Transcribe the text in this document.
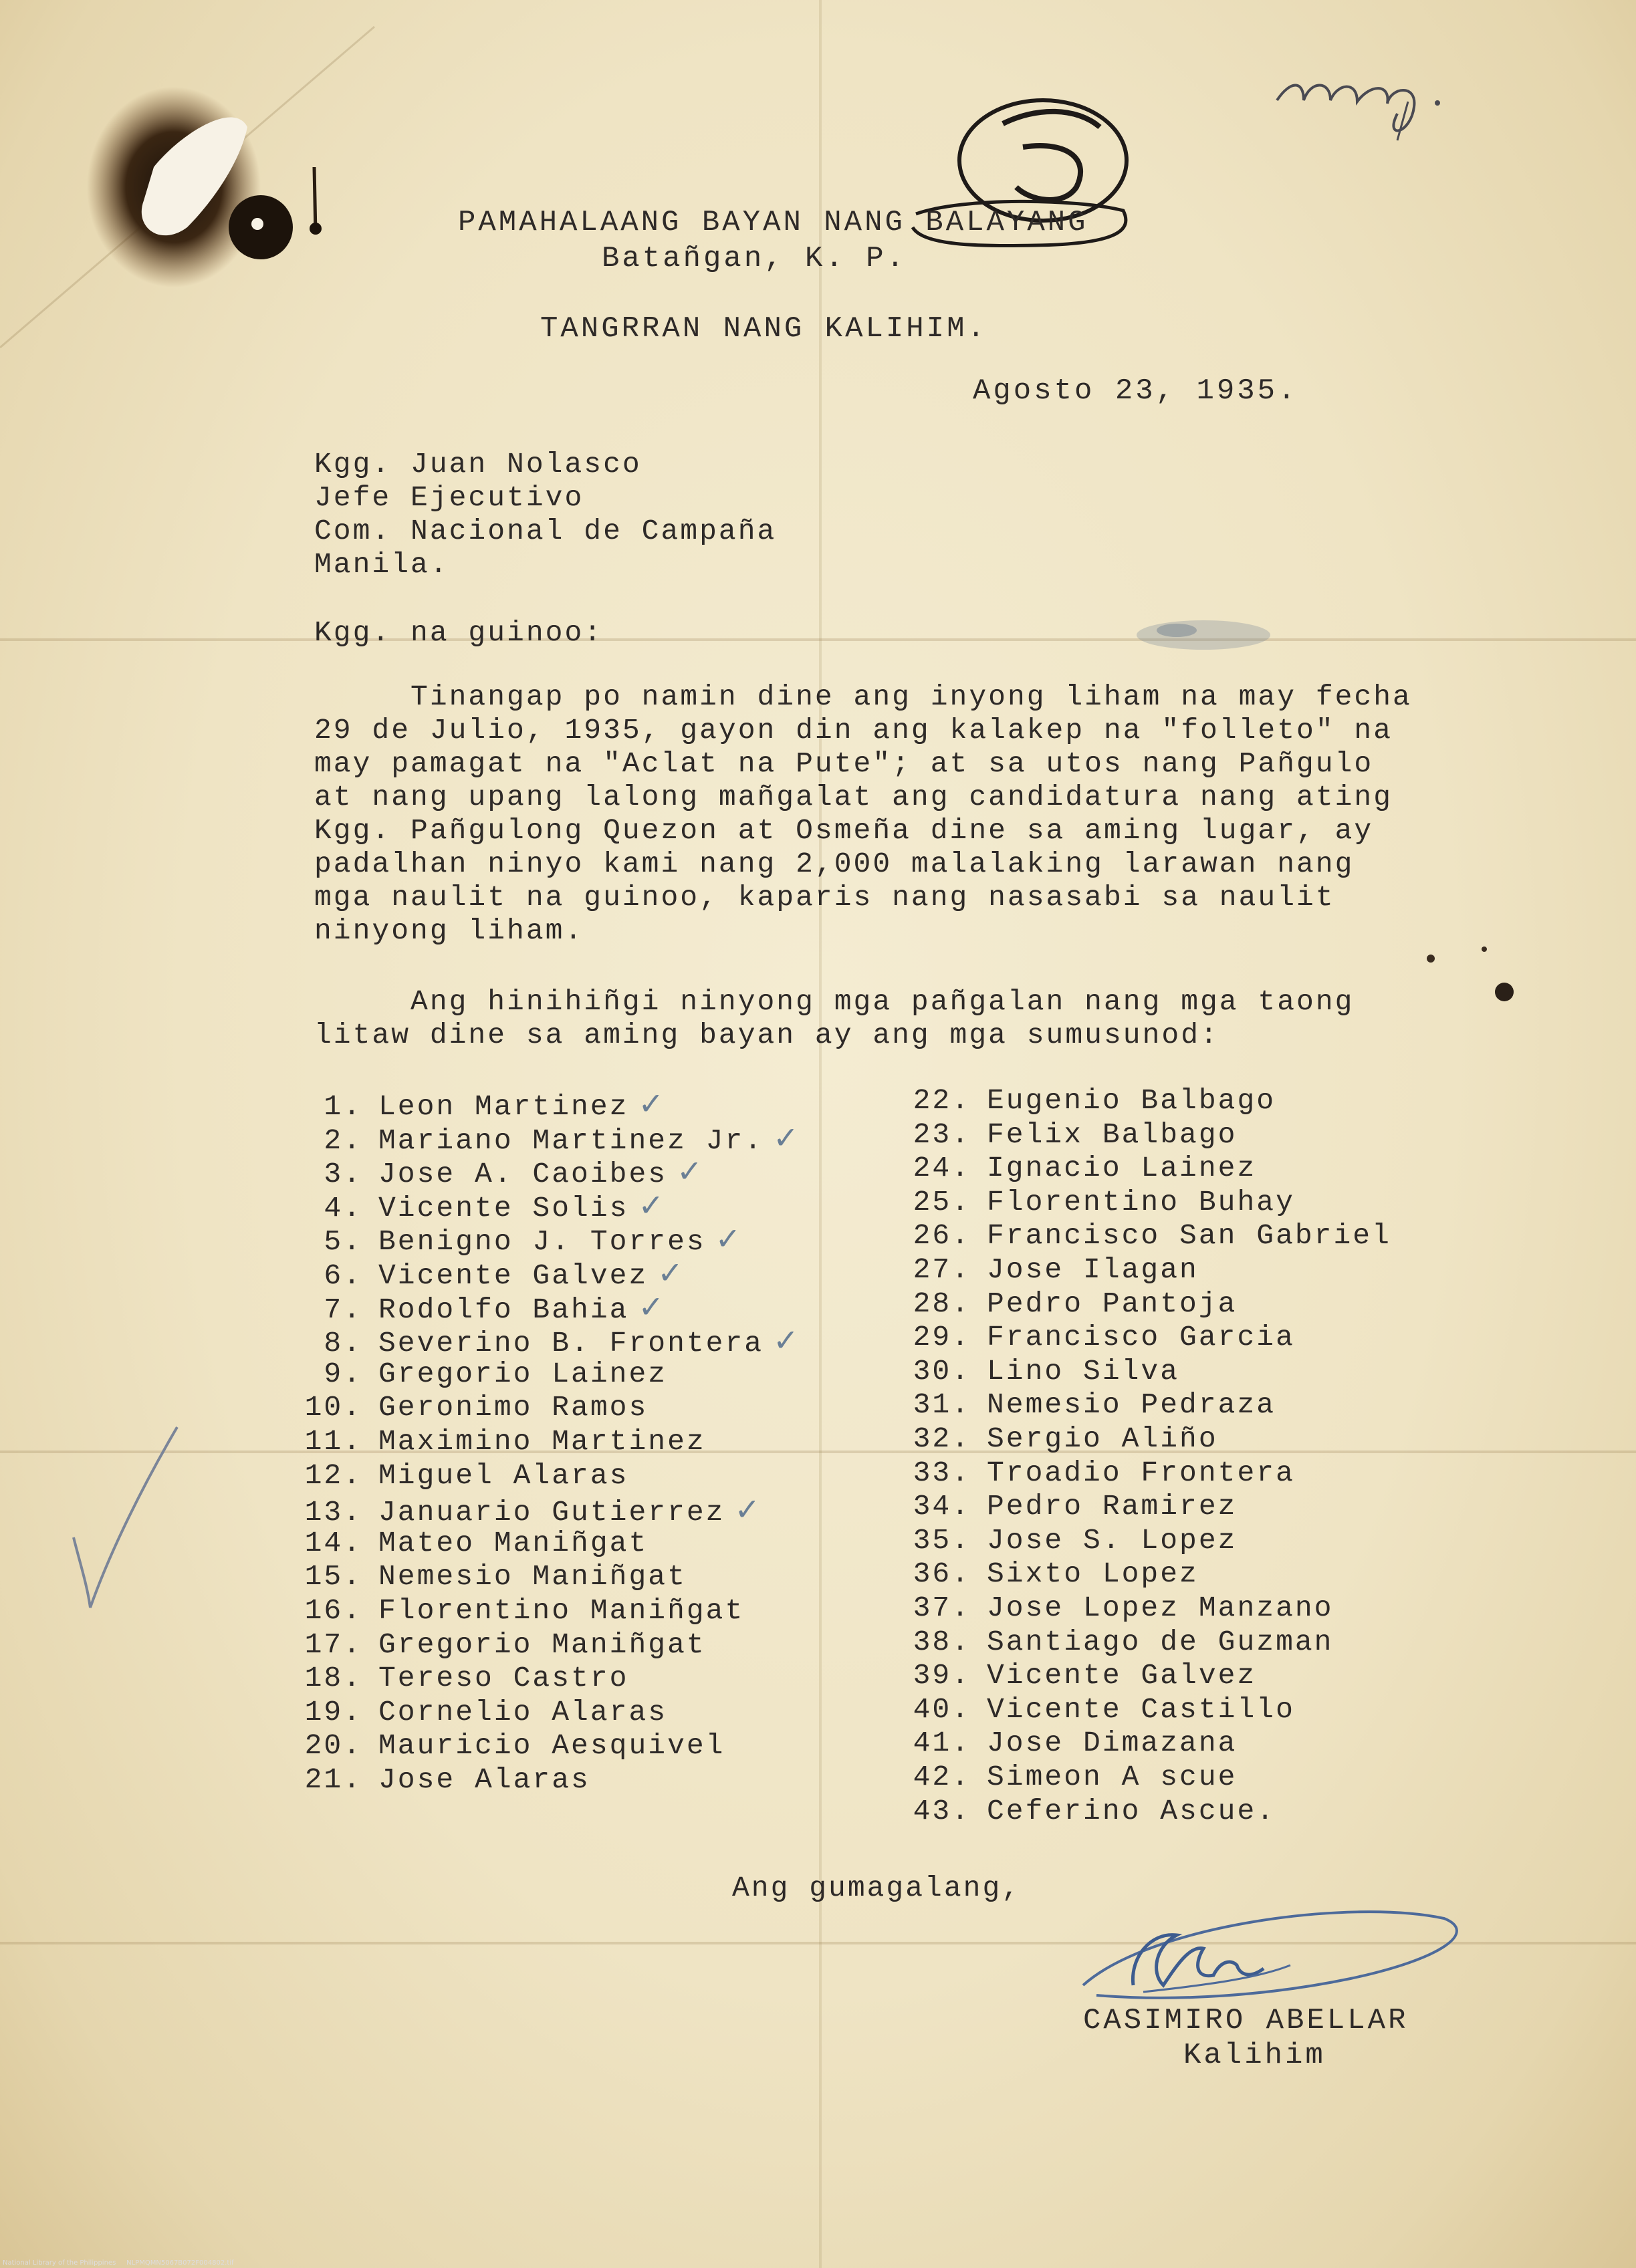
PAMAHALAANG BAYAN NANG BALAYANG
Batañgan, K. P.
TANGRRAN NANG KALIHIM.
Agosto 23, 1935.
Kgg. Juan Nolasco
Jefe Ejecutivo
Com. Nacional de Campaña
Manila.
Kgg. na guinoo:
Tinangap po namin dine ang inyong liham na may fecha
29 de Julio, 1935, gayon din ang kalakep na "folleto" na
may pamagat na "Aclat na Pute"; at sa utos nang Pañgulo
at nang upang lalong mañgalat ang candidatura nang ating
Kgg. Pañgulong Quezon at Osmeña dine sa aming lugar, ay
padalhan ninyo kami nang 2,000 malalaking larawan nang
mga naulit na guinoo, kaparis nang nasasabi sa naulit
ninyong liham.
Ang hinihiñgi ninyong mga pañgalan nang mga taong
litaw dine sa aming bayan ay ang mga sumusunod:
1. Leon Martinez ✓
2. Mariano Martinez Jr. ✓
3. Jose A. Caoibes ✓
4. Vicente Solis ✓
5. Benigno J. Torres ✓
6. Vicente Galvez ✓
7. Rodolfo Bahia ✓
8. Severino B. Frontera ✓
9. Gregorio Lainez
10. Geronimo Ramos
11. Maximino Martinez
12. Miguel Alaras
13. Januario Gutierrez ✓
14. Mateo Maniñgat
15. Nemesio Maniñgat
16. Florentino Maniñgat
17. Gregorio Maniñgat
18. Tereso Castro
19. Cornelio Alaras
20. Mauricio Aesquivel
21. Jose Alaras
22. Eugenio Balbago
23. Felix Balbago
24. Ignacio Lainez
25. Florentino Buhay
26. Francisco San Gabriel
27. Jose Ilagan
28. Pedro Pantoja
29. Francisco Garcia
30. Lino Silva
31. Nemesio Pedraza
32. Sergio Aliño
33. Troadio Frontera
34. Pedro Ramirez
35. Jose S. Lopez
36. Sixto Lopez
37. Jose Lopez Manzano
38. Santiago de Guzman
39. Vicente Galvez
40. Vicente Castillo
41. Jose Dimazana
42. Simeon A scue
43. Ceferino Ascue.
Ang gumagalang,
CASIMIRO ABELLAR
Kalihim
National Library of the Philippines     NLPMQMN5067B072F004802.tif
